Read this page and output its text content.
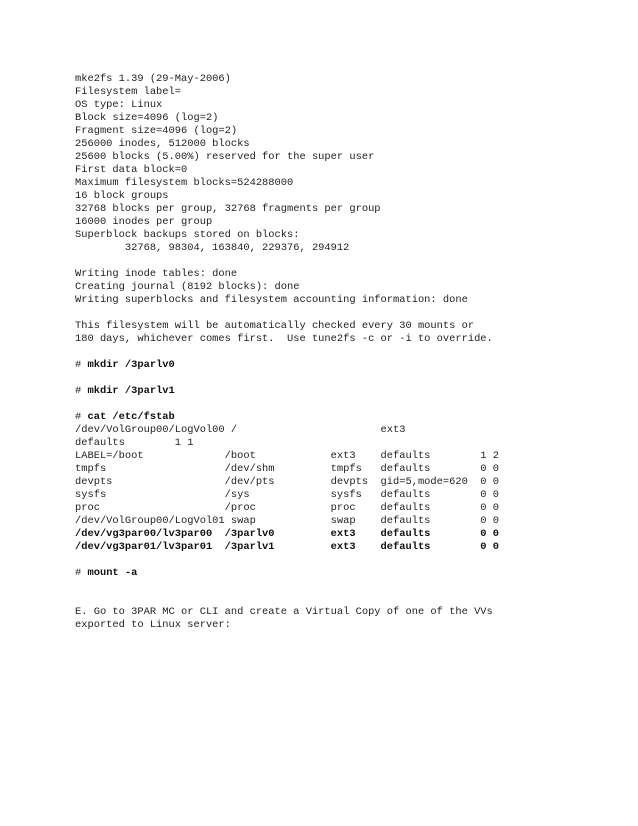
mke2fs 1.39 (29-May-2006)
Filesystem label=
OS type: Linux
Block size=4096 (log=2)
Fragment size=4096 (log=2)
256000 inodes, 512000 blocks
25600 blocks (5.00%) reserved for the super user
First data block=0
Maximum filesystem blocks=524288000
16 block groups
32768 blocks per group, 32768 fragments per group
16000 inodes per group
Superblock backups stored on blocks:
32768, 98304, 163840, 229376, 294912
Writing inode tables: done
Creating journal (8192 blocks): done
Writing superblocks and filesystem accounting information: done
This filesystem will be automatically checked every 30 mounts or
180 days, whichever comes first.  Use tune2fs -c or -i to override.
# mkdir /3parlv0
# mkdir /3parlv1
# cat /etc/fstab
/dev/VolGroup00/LogVol00 /                       ext3
defaults        1 1
LABEL=/boot             /boot            ext3    defaults        1 2
tmpfs                   /dev/shm         tmpfs   defaults        0 0
devpts                  /dev/pts         devpts  gid=5,mode=620  0 0
sysfs                   /sys             sysfs   defaults        0 0
proc                    /proc            proc    defaults        0 0
/dev/VolGroup00/LogVol01 swap            swap    defaults        0 0
/dev/vg3par00/lv3par00  /3parlv0         ext3    defaults        0 0
/dev/vg3par01/lv3par01  /3parlv1         ext3    defaults        0 0
# mount -a
E. Go to 3PAR MC or CLI and create a Virtual Copy of one of the VVs
exported to Linux server:
